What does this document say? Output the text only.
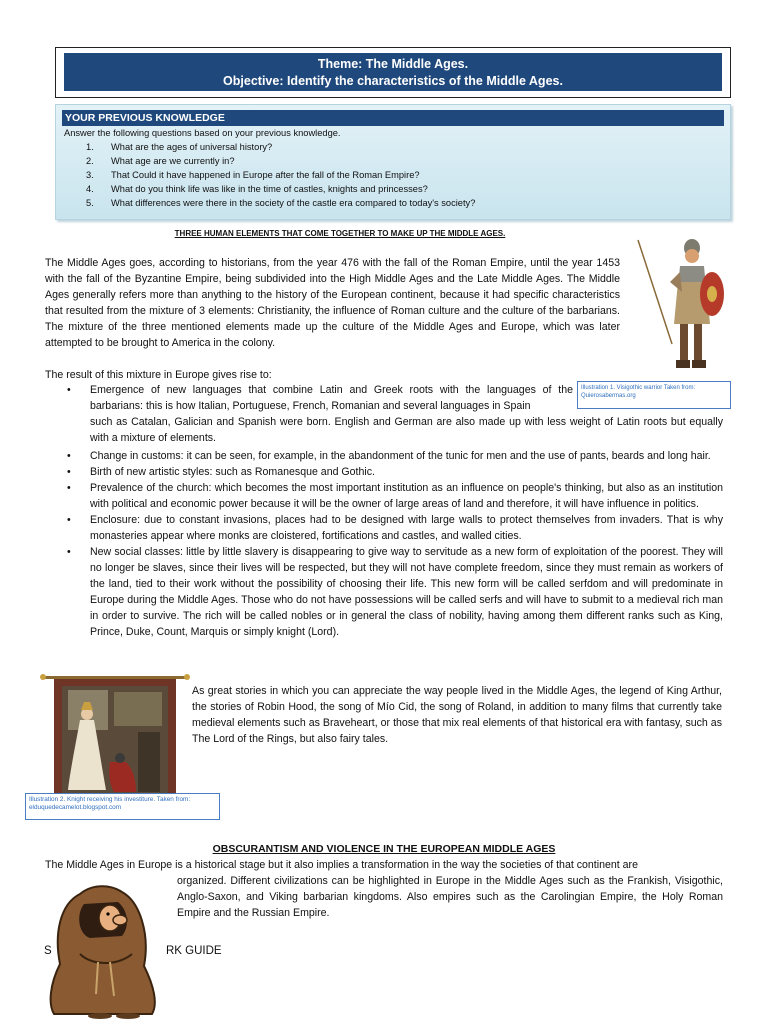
Theme: The Middle Ages.
Objective: Identify the characteristics of the Middle Ages.
YOUR PREVIOUS KNOWLEDGE
Answer the following questions based on your previous knowledge.
1. What are the ages of universal history?
2. What age are we currently in?
3. That Could it have happened in Europe after the fall of the Roman Empire?
4. What do you think life was like in the time of castles, knights and princesses?
5. What differences were there in the society of the castle era compared to today's society?
THREE HUMAN ELEMENTS THAT COME TOGETHER TO MAKE UP THE MIDDLE AGES.
The Middle Ages goes, according to historians, from the year 476 with the fall of the Roman Empire, until the year 1453 with the fall of the Byzantine Empire, being subdivided into the High Middle Ages and the Late Middle Ages. The Middle Ages generally refers more than anything to the history of the European continent, because it had specific characteristics that resulted from the mixture of 3 elements: Christianity, the influence of Roman culture and the culture of the barbarians. The mixture of the three mentioned elements made up the culture of the Middle Ages and Europe, which was later attempted to be brought to America in the colony.
The result of this mixture in Europe gives rise to:
• Emergence of new languages that combine Latin and Greek roots with the languages of the barbarians: this is how Italian, Portuguese, French, Romanian and several languages in Spain
such as Catalan, Galician and Spanish were born. English and German are also made up with less weight of Latin roots but equally with a mixture of elements.
• Change in customs: it can be seen, for example, in the abandonment of the tunic for men and the use of pants, beards and long hair.
• Birth of new artistic styles: such as Romanesque and Gothic.
• Prevalence of the church: which becomes the most important institution as an influence on people's thinking, but also as an institution with political and economic power because it will be the owner of large areas of land and therefore, it will have influence in politics.
• Enclosure: due to constant invasions, places had to be designed with large walls to protect themselves from invaders. That is why monasteries appear where monks are cloistered, fortifications and castles, and walled cities.
• New social classes: little by little slavery is disappearing to give way to servitude as a new form of exploitation of the poorest. They will no longer be slaves, since their lives will be respected, but they will not have complete freedom, since they must remain as workers of the land, tied to their work without the possibility of choosing their life. This new form will be called serfdom and will predominate in Europe during the Middle Ages. Those who do not have possessions will be called serfs and will have to submit to a medieval rich man in order to survive. The rich will be called nobles or in general the class of nobility, having among them different ranks such as King, Prince, Duke, Count, Marquis or simply knight (Lord).
Illustration 1. Visigothic warrior Taken from: Quierosabermas.org
Illustration 2. Knight receiving his investiture. Taken from: elduquedecamelot.blogspot.com
As great stories in which you can appreciate the way people lived in the Middle Ages, the legend of King Arthur, the stories of Robin Hood, the song of Mío Cid, the song of Roland, in addition to many films that currently take medieval elements such as Braveheart, or those that mix real elements of that historical era with fantasy, such as The Lord of the Rings, but also fairy tales.
OBSCURANTISM AND VIOLENCE IN THE EUROPEAN MIDDLE AGES
The Middle Ages in Europe is a historical stage but it also implies a transformation in the way the societies of that continent are
organized. Different civilizations can be highlighted in Europe in the Middle Ages such as the Frankish, Visigothic, Anglo-Saxon, and Viking barbarian kingdoms. Also empires such as the Carolingian Empire, the Holy Roman Empire and the Russian Empire.
S	RK GUIDE
